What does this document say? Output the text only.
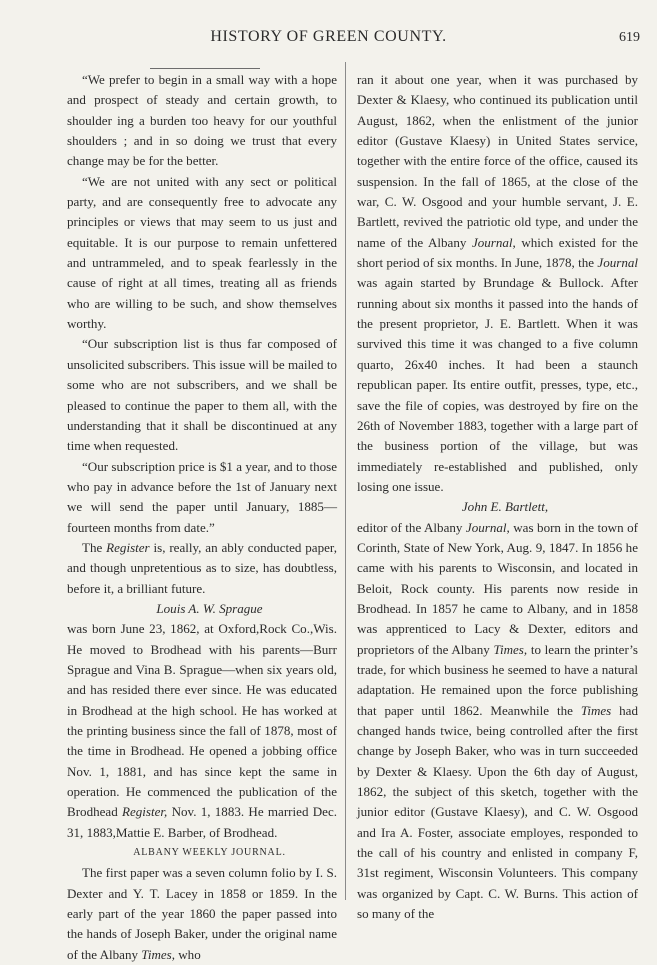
HISTORY OF GREEN COUNTY.	619

“We prefer to begin in a small way with a hope and prospect of steady and certain growth, to shoulder ing a burden too heavy for our youthful shoulders ; and in so doing we trust that every change may be for the better.

“We are not united with any sect or political party, and are consequently free to advocate any principles or views that may seem to us just and equitable. It is our purpose to remain unfettered and untrammeled, and to speak fearlessly in the cause of right at all times, treating all as friends who are willing to be such, and show themselves worthy.

“Our subscription list is thus far composed of unsolicited subscribers. This issue will be mailed to some who are not subscribers, and we shall be pleased to continue the paper to them all, with the understanding that it shall be discontinued at any time when requested.

“Our subscription price is $1 a year, and to those who pay in advance before the 1st of January next we will send the paper until January, 1885—fourteen months from date.”

The Register is, really, an ably conducted paper, and though unpretentious as to size, has doubtless, before it, a brilliant future.

Louis A. W. Sprague

was born June 23, 1862, at Oxford,Rock Co.,Wis. He moved to Brodhead with his parents—Burr Sprague and Vina B. Sprague—when six years old, and has resided there ever since. He was educated in Brodhead at the high school. He has worked at the printing business since the fall of 1878, most of the time in Brodhead. He opened a jobbing office Nov. 1, 1881, and has since kept the same in operation. He commenced the publication of the Brodhead Register, Nov. 1, 1883. He married Dec. 31, 1883,Mattie E. Barber, of Brodhead.

ALBANY WEEKLY JOURNAL.

The first paper was a seven column folio by I. S. Dexter and Y. T. Lacey in 1858 or 1859. In the early part of the year 1860 the paper passed into the hands of Joseph Baker, under the original name of the Albany Times, who

ran it about one year, when it was purchased by Dexter & Klaesy, who continued its publication until August, 1862, when the enlistment of the junior editor (Gustave Klaesy) in United States service, together with the entire force of the office, caused its suspension. In the fall of 1865, at the close of the war, C. W. Osgood and your humble servant, J. E. Bartlett, revived the patriotic old type, and under the name of the Albany Journal, which existed for the short period of six months. In June, 1878, the Journal was again started by Brundage & Bullock. After running about six months it passed into the hands of the present proprietor, J. E. Bartlett. When it was survived this time it was changed to a five column quarto, 26x40 inches. It had been a staunch republican paper. Its entire outfit, presses, type, etc., save the file of copies, was destroyed by fire on the 26th of November 1883, together with a large part of the business portion of the village, but was immediately re-established and published, only losing one issue.

John E. Bartlett,

editor of the Albany Journal, was born in the town of Corinth, State of New York, Aug. 9, 1847. In 1856 he came with his parents to Wisconsin, and located in Beloit, Rock county. His parents now reside in Brodhead. In 1857 he came to Albany, and in 1858 was apprenticed to Lacy & Dexter, editors and proprietors of the Albany Times, to learn the printer’s trade, for which business he seemed to have a natural adaptation. He remained upon the force publishing that paper until 1862. Meanwhile the Times had changed hands twice, being controlled after the first change by Joseph Baker, who was in turn succeeded by Dexter & Klaesy. Upon the 6th day of August, 1862, the subject of this sketch, together with the junior editor (Gustave Klaesy), and C. W. Osgood and Ira A. Foster, associate employes, responded to the call of his country and enlisted in company F, 31st regiment, Wisconsin Volunteers. This company was organized by Capt. C. W. Burns. This action of so many of the
